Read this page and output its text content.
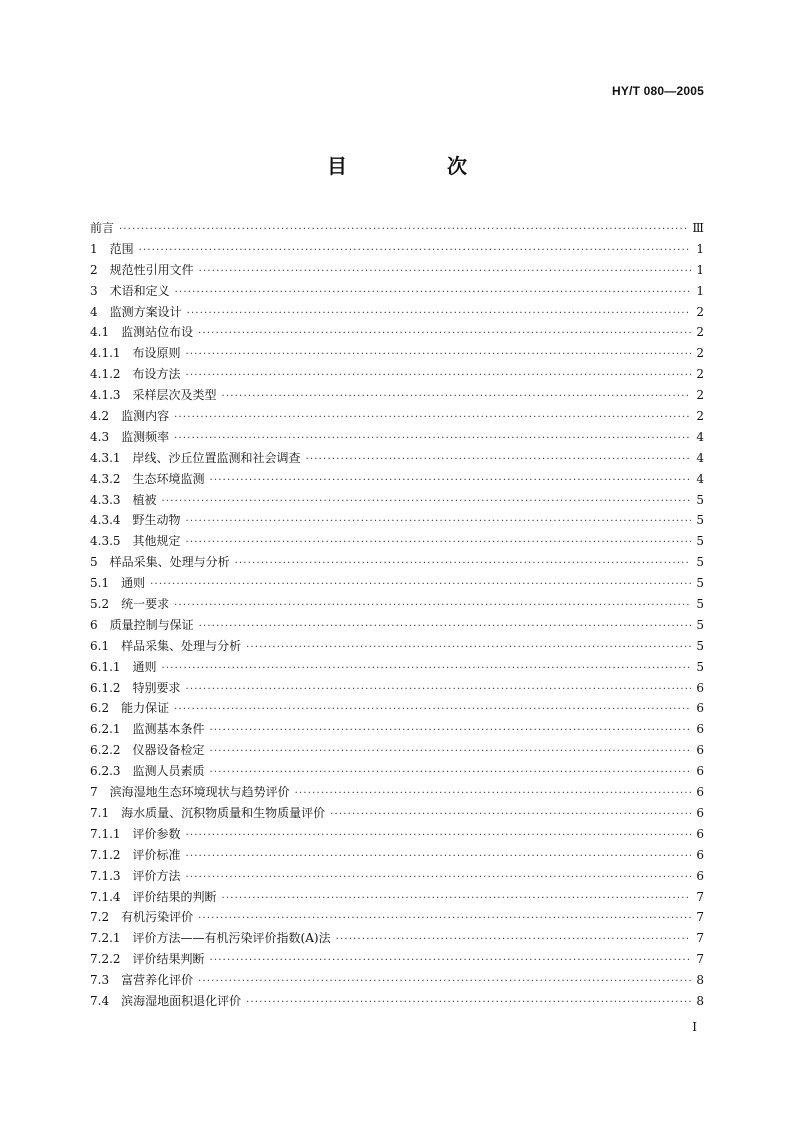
HY/T 080—2005
目　次
前言 ·····	Ⅲ
1　范围 ·····	1
2　规范性引用文件 ·····	1
3　术语和定义 ·····	1
4　监测方案设计 ·····	2
4.1　监测站位布设 ·····	2
4.1.1　布设原则 ·····	2
4.1.2　布设方法 ·····	2
4.1.3　采样层次及类型 ·····	2
4.2　监测内容 ·····	2
4.3　监测频率 ·····	4
4.3.1　岸线、沙丘位置监测和社会调查 ·····	4
4.3.2　生态环境监测 ·····	4
4.3.3　植被 ·····	5
4.3.4　野生动物 ·····	5
4.3.5　其他规定 ·····	5
5　样品采集、处理与分析 ·····	5
5.1　通则 ·····	5
5.2　统一要求 ·····	5
6　质量控制与保证 ·····	5
6.1　样品采集、处理与分析 ·····	5
6.1.1　通则 ·····	5
6.1.2　特别要求 ·····	6
6.2　能力保证 ·····	6
6.2.1　监测基本条件 ·····	6
6.2.2　仪器设备检定 ·····	6
6.2.3　监测人员素质 ·····	6
7　滨海湿地生态环境现状与趋势评价 ·····	6
7.1　海水质量、沉积物质量和生物质量评价 ·····	6
7.1.1　评价参数 ·····	6
7.1.2　评价标准 ·····	6
7.1.3　评价方法 ·····	6
7.1.4　评价结果的判断 ·····	7
7.2　有机污染评价 ·····	7
7.2.1　评价方法——有机污染评价指数(A)法 ·····	7
7.2.2　评价结果判断 ·····	7
7.3　富营养化评价 ·····	8
7.4　滨海湿地面积退化评价 ·····	8
I
